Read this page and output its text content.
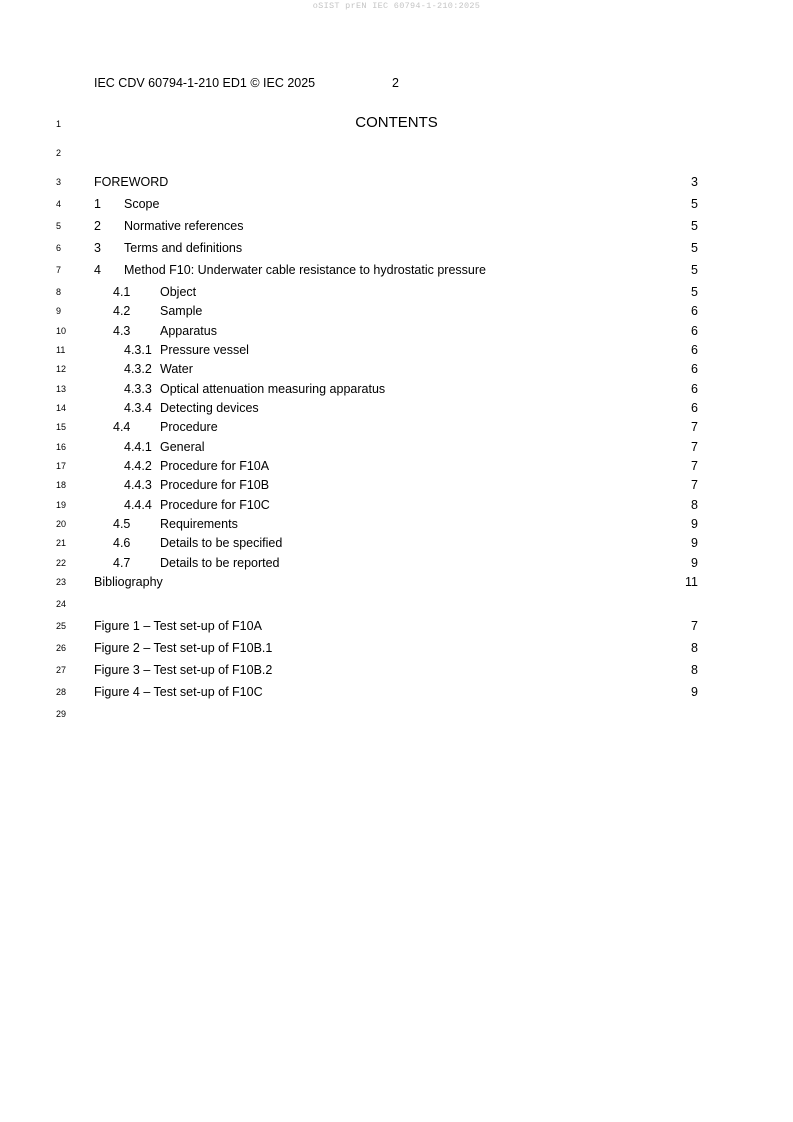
oSIST prEN IEC 60794-1-210:2025
IEC CDV 60794-1-210 ED1 © IEC 2025	2
1
2
3
4
5
6
7
8
9
10
11
12
13
14
15
16
17
18
19
20
21
22
23
24
25
26
27
28
29
CONTENTS
FOREWORD	3
1	Scope	5
2	Normative references	5
3	Terms and definitions	5
4	Method F10: Underwater cable resistance to hydrostatic pressure	5
4.1	Object	5
4.2	Sample	6
4.3	Apparatus	6
4.3.1 Pressure vessel	6
4.3.2 Water	6
4.3.3 Optical attenuation measuring apparatus	6
4.3.4 Detecting devices	6
4.4	Procedure	7
4.4.1 General	7
4.4.2 Procedure for F10A	7
4.4.3 Procedure for F10B	7
4.4.4 Procedure for F10C	8
4.5	Requirements	9
4.6	Details to be specified	9
4.7	Details to be reported	9
Bibliography	11
Figure 1 – Test set-up of F10A	7
Figure 2 – Test set-up of F10B.1	8
Figure 3 – Test set-up of F10B.2	8
Figure 4 – Test set-up of F10C	9
